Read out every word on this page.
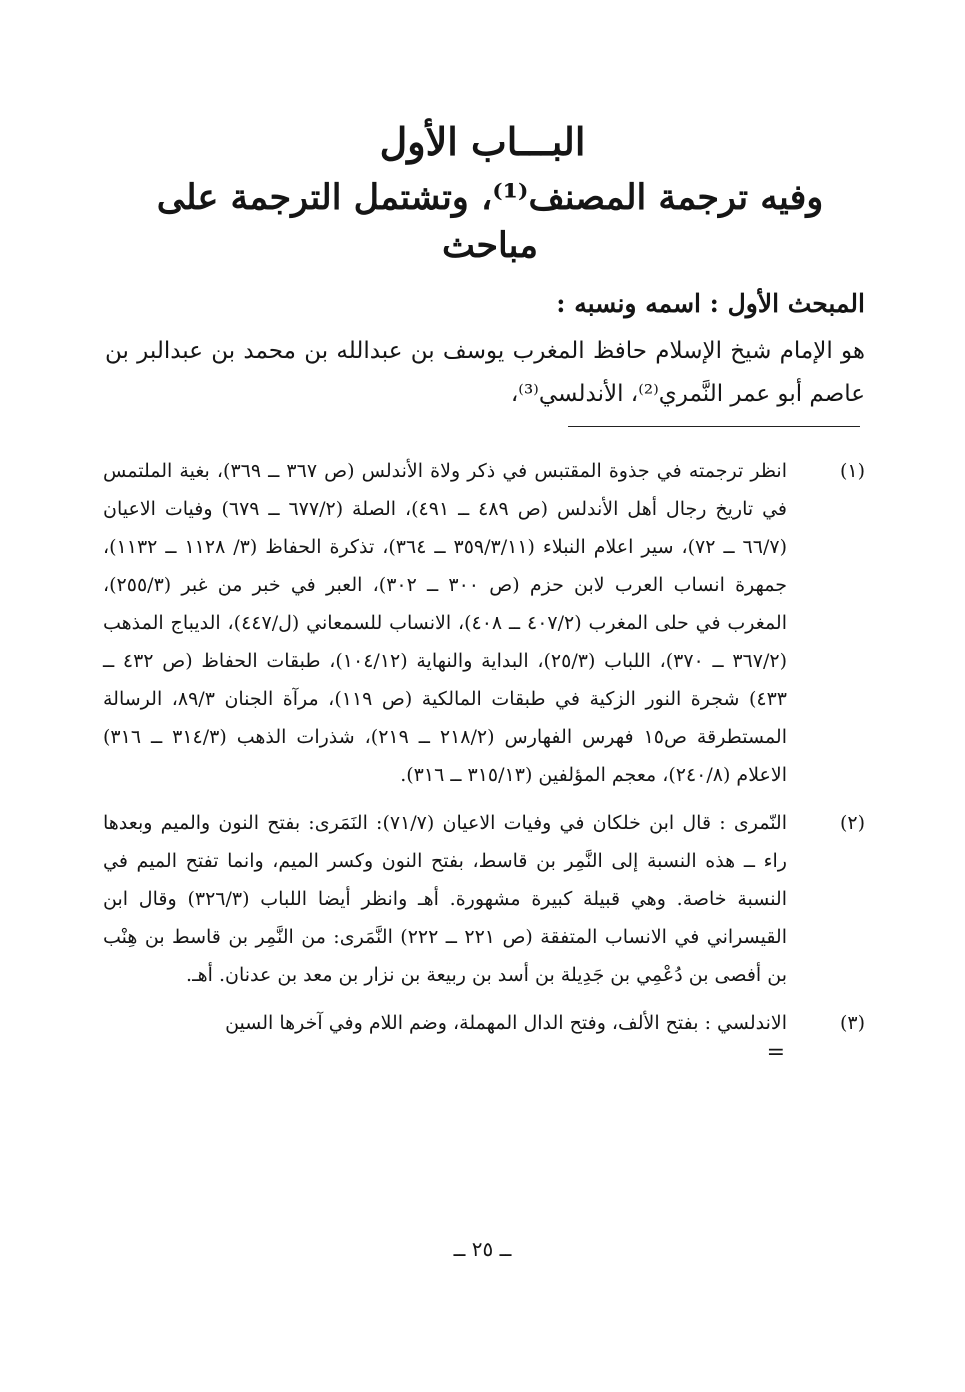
البـــاب الأول
وفيه ترجمة المصنف⁽¹⁾، وتشتمل الترجمة على مباحث
المبحث الأول : اسمه ونسبه :

هو الإمام شيخ الإسلام حافظ المغرب يوسف بن عبدالله بن محمد بن عبدالبر بن عاصم أبو عمر النَّمري⁽²⁾، الأندلسي⁽³⁾،

(١)
انظر ترجمته في جذوة المقتبس في ذكر ولاة الأندلس (ص ٣٦٧ ــ ٣٦٩)، بغية الملتمس في تاريخ رجال أهل الأندلس (ص ٤٨٩ ــ ٤٩١)، الصلة (٦٧٧/٢ ــ ٦٧٩) وفيات الاعيان (٦٦/٧ ــ ٧٢)، سير اعلام النبلاء (٣٥٩/٣/١١ ــ ٣٦٤)، تذكرة الحفاظ (٣/ ١١٢٨ ــ ١١٣٢)، جمهرة انساب العرب لابن حزم (ص ٣٠٠ ــ ٣٠٢)، العبر في خبر من غبر (٢٥٥/٣)، المغرب في حلى المغرب (٤٠٧/٢ ــ ٤٠٨)، الانساب للسمعاني (ل/٤٤٧)، الديباج المذهب (٣٦٧/٢ ــ ٣٧٠)، اللباب (٢٥/٣)، البداية والنهاية (١٠٤/١٢)، طبقات الحفاظ (ص ٤٣٢ ــ ٤٣٣) شجرة النور الزكية في طبقات المالكية (ص ١١٩)، مرآة الجنان ٨٩/٣، الرسالة المستطرقة ص١٥ فهرس الفهارس (٢١٨/٢ ــ ٢١٩)، شذرات الذهب (٣١٤/٣ ــ ٣١٦) الاعلام (٢٤٠/٨)، معجم المؤلفين (٣١٥/١٣ ــ ٣١٦).
(٢)
النّمرى : قال ابن خلكان في وفيات الاعيان (٧١/٧): النَمَرى: بفتح النون والميم وبعدها راء ــ هذه النسبة إلى النَّمِر بن قاسط، بفتح النون وكسر الميم، وانما تفتح الميم في النسبة خاصة. وهي قبيلة كبيرة مشهورة. أهـ وانظر أيضا اللباب (٣٢٦/٣) وقال ابن القيسراني في الانساب المتفقة (ص ٢٢١ ــ ٢٢٢) النَّمَرى: من النَّمِر بن قاسط بن هِنْب بن أفصى بن دُعْمِي بن جَدِيلة بن أسد بن ربيعة بن نزار بن معد بن عدنان. أهـ.
(٣)
الاندلسي : بفتح الألف، وفتح الدال المهملة، وضم اللام وفي آخرها السين
=
ــ ٢٥ ــ
